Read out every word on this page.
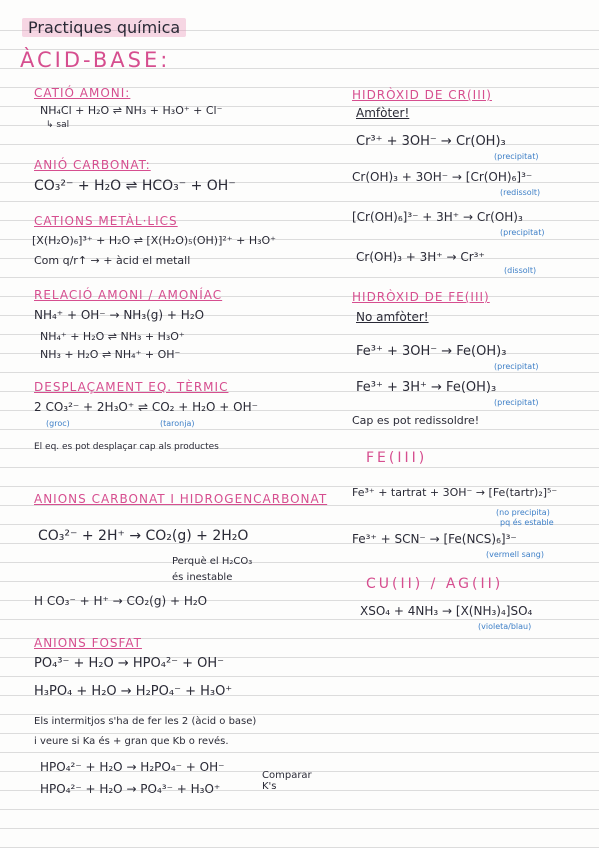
Practiques química
ÀCID-BASE:
CATIÓ AMONI:
NH₄Cl + H₂O ⇌ NH₃ + H₃O⁺ + Cl⁻
↳ sal
ANIÓ CARBONAT:
CO₃²⁻ + H₂O ⇌ HCO₃⁻ + OH⁻
CATIONS METÀL·LICS
[X(H₂O)₆]³⁺ + H₂O ⇌ [X(H₂O)₅(OH)]²⁺ + H₃O⁺
Com q/r↑ → + àcid el metall
RELACIÓ AMONI / AMONÍAC
NH₄⁺ + OH⁻ → NH₃(g) + H₂O
NH₄⁺ + H₂O ⇌ NH₃ + H₃O⁺
NH₃ + H₂O ⇌ NH₄⁺ + OH⁻
DESPLAÇAMENT EQ. TÈRMIC
2 CO₃²⁻ + 2H₃O⁺ ⇌ CO₂ + H₂O + OH⁻
(groc)	(taronja)
El eq. es pot desplaçar cap als productes
ANIONS CARBONAT I HIDROGENCARBONAT
CO₃²⁻ + 2H⁺ → CO₂(g) + 2H₂O
Perquè el H₂CO₃
és inestable
H CO₃⁻ + H⁺ → CO₂(g) + H₂O
ANIONS FOSFAT
PO₄³⁻ + H₂O → HPO₄²⁻ + OH⁻
H₃PO₄ + H₂O → H₂PO₄⁻ + H₃O⁺
Els intermitjos s'ha de fer les 2 (àcid o base)
i veure si Ka és + gran que Kb o revés.
HPO₄²⁻ + H₂O → H₂PO₄⁻ + OH⁻
HPO₄²⁻ + H₂O → PO₄³⁻ + H₃O⁺
Comparar K's
HIDRÒXID DE CR(III)
Amfòter!
Cr³⁺ + 3OH⁻ → Cr(OH)₃
(precipitat)
Cr(OH)₃ + 3OH⁻ → [Cr(OH)₆]³⁻
(redissolt)
[Cr(OH)₆]³⁻ + 3H⁺ → Cr(OH)₃
(precipitat)
Cr(OH)₃ + 3H⁺ → Cr³⁺
(dissolt)
HIDRÒXID DE FE(III)
No amfòter!
Fe³⁺ + 3OH⁻ → Fe(OH)₃
(precipitat)
Fe³⁺ + 3H⁺ → Fe(OH)₃
(precipitat)
Cap es pot redissoldre!
FE(III)
Fe³⁺ + tartrat + 3OH⁻ → [Fe(tartr)₂]⁵⁻
(no precipita)
pq és estable
Fe³⁺ + SCN⁻ → [Fe(NCS)₆]³⁻
(vermell sang)
CU(II) / AG(II)
XSO₄ + 4NH₃ → [X(NH₃)₄]SO₄
(violeta/blau)
